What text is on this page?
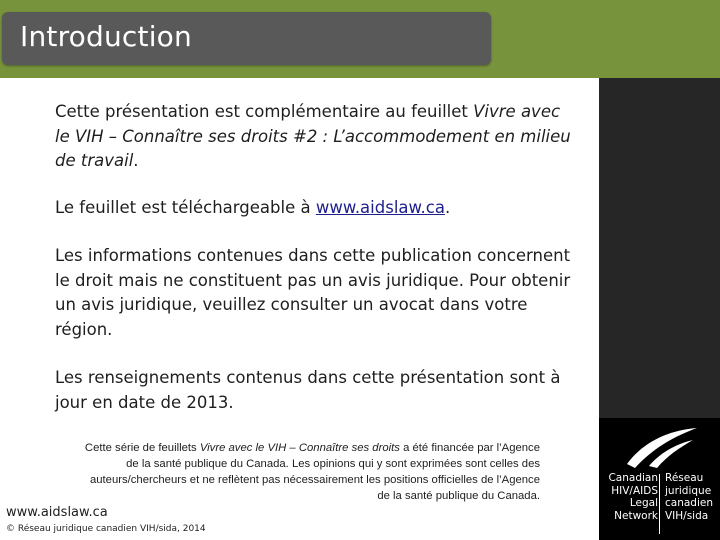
Introduction

Cette présentation est complémentaire au feuillet Vivre avec le VIH – Connaître ses droits #2 : L’accommodement en milieu de travail.

Le feuillet est téléchargeable à www.aidslaw.ca.

Les informations contenues dans cette publication concernent le droit mais ne constituent pas un avis juridique. Pour obtenir un avis juridique, veuillez consulter un avocat dans votre région.

Les renseignements contenus dans cette présentation sont à jour en date de 2013.

Cette série de feuillets Vivre avec le VIH – Connaître ses droits a été financée par l’Agence de la santé publique du Canada. Les opinions qui y sont exprimées sont celles des auteurs/chercheurs et ne reflètent pas nécessairement les positions officielles de l’Agence de la santé publique du Canada.
www.aidslaw.ca
© Réseau juridique canadien VIH/sida, 2014
Canadian
HIV/AIDS
Legal
Network
Réseau
juridique
canadien
VIH/sida
